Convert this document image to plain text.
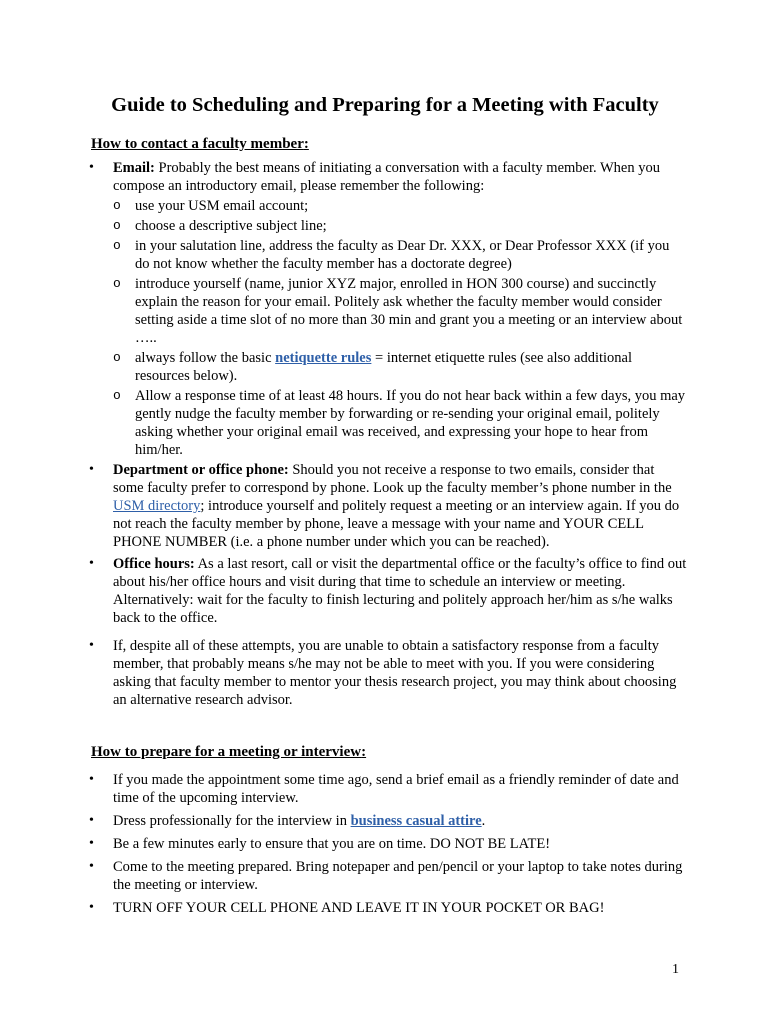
Guide to Scheduling and Preparing for a Meeting with Faculty

How to contact a faculty member:

• Email: Probably the best means of initiating a conversation with a faculty member. When you compose an introductory email, please remember the following:
o use your USM email account;
o choose a descriptive subject line;
o in your salutation line, address the faculty as Dear Dr. XXX, or Dear Professor XXX (if you do not know whether the faculty member has a doctorate degree)
o introduce yourself (name, junior XYZ major, enrolled in HON 300 course) and succinctly explain the reason for your email. Politely ask whether the faculty member would consider setting aside a time slot of no more than 30 min and grant you a meeting or an interview about …..
o always follow the basic netiquette rules = internet etiquette rules (see also additional resources below).
o Allow a response time of at least 48 hours. If you do not hear back within a few days, you may gently nudge the faculty member by forwarding or re-sending your original email, politely asking whether your original email was received, and expressing your hope to hear from him/her.
• Department or office phone: Should you not receive a response to two emails, consider that some faculty prefer to correspond by phone. Look up the faculty member’s phone number in the USM directory; introduce yourself and politely request a meeting or an interview again. If you do not reach the faculty member by phone, leave a message with your name and YOUR CELL PHONE NUMBER (i.e. a phone number under which you can be reached).
• Office hours: As a last resort, call or visit the departmental office or the faculty’s office to find out about his/her office hours and visit during that time to schedule an interview or meeting. Alternatively: wait for the faculty to finish lecturing and politely approach her/him as s/he walks back to the office.
• If, despite all of these attempts, you are unable to obtain a satisfactory response from a faculty member, that probably means s/he may not be able to meet with you. If you were considering asking that faculty member to mentor your thesis research project, you may think about choosing an alternative research advisor.

How to prepare for a meeting or interview:

• If you made the appointment some time ago, send a brief email as a friendly reminder of date and time of the upcoming interview.
• Dress professionally for the interview in business casual attire.
• Be a few minutes early to ensure that you are on time. DO NOT BE LATE!
• Come to the meeting prepared. Bring notepaper and pen/pencil or your laptop to take notes during the meeting or interview.
• TURN OFF YOUR CELL PHONE AND LEAVE IT IN YOUR POCKET OR BAG!
1
